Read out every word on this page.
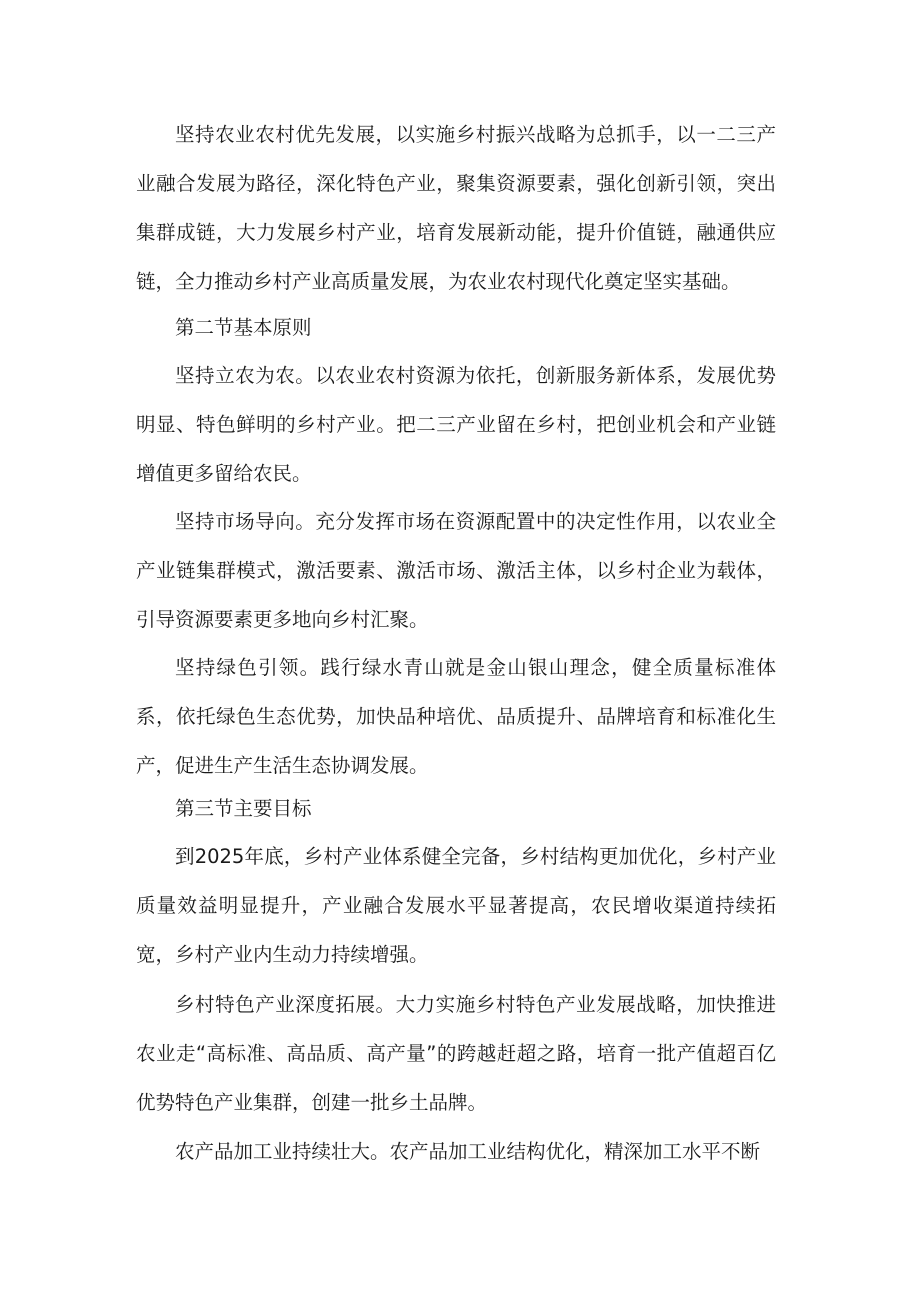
坚持农业农村优先发展，以实施乡村振兴战略为总抓手，以一二三产业融合发展为路径，深化特色产业，聚集资源要素，强化创新引领，突出集群成链，大力发展乡村产业，培育发展新动能，提升价值链，融通供应链，全力推动乡村产业高质量发展，为农业农村现代化奠定坚实基础。

第二节基本原则

坚持立农为农。以农业农村资源为依托，创新服务新体系，发展优势明显、特色鲜明的乡村产业。把二三产业留在乡村，把创业机会和产业链增值更多留给农民。

坚持市场导向。充分发挥市场在资源配置中的决定性作用，以农业全产业链集群模式，激活要素、激活市场、激活主体，以乡村企业为载体，引导资源要素更多地向乡村汇聚。

坚持绿色引领。践行绿水青山就是金山银山理念，健全质量标准体系，依托绿色生态优势，加快品种培优、品质提升、品牌培育和标准化生产，促进生产生活生态协调发展。

第三节主要目标

到2025年底，乡村产业体系健全完备，乡村结构更加优化，乡村产业质量效益明显提升，产业融合发展水平显著提高，农民增收渠道持续拓宽，乡村产业内生动力持续增强。

乡村特色产业深度拓展。大力实施乡村特色产业发展战略，加快推进农业走“高标准、高品质、高产量”的跨越赶超之路，培育一批产值超百亿优势特色产业集群，创建一批乡土品牌。

农产品加工业持续壮大。农产品加工业结构优化，精深加工水平不断
